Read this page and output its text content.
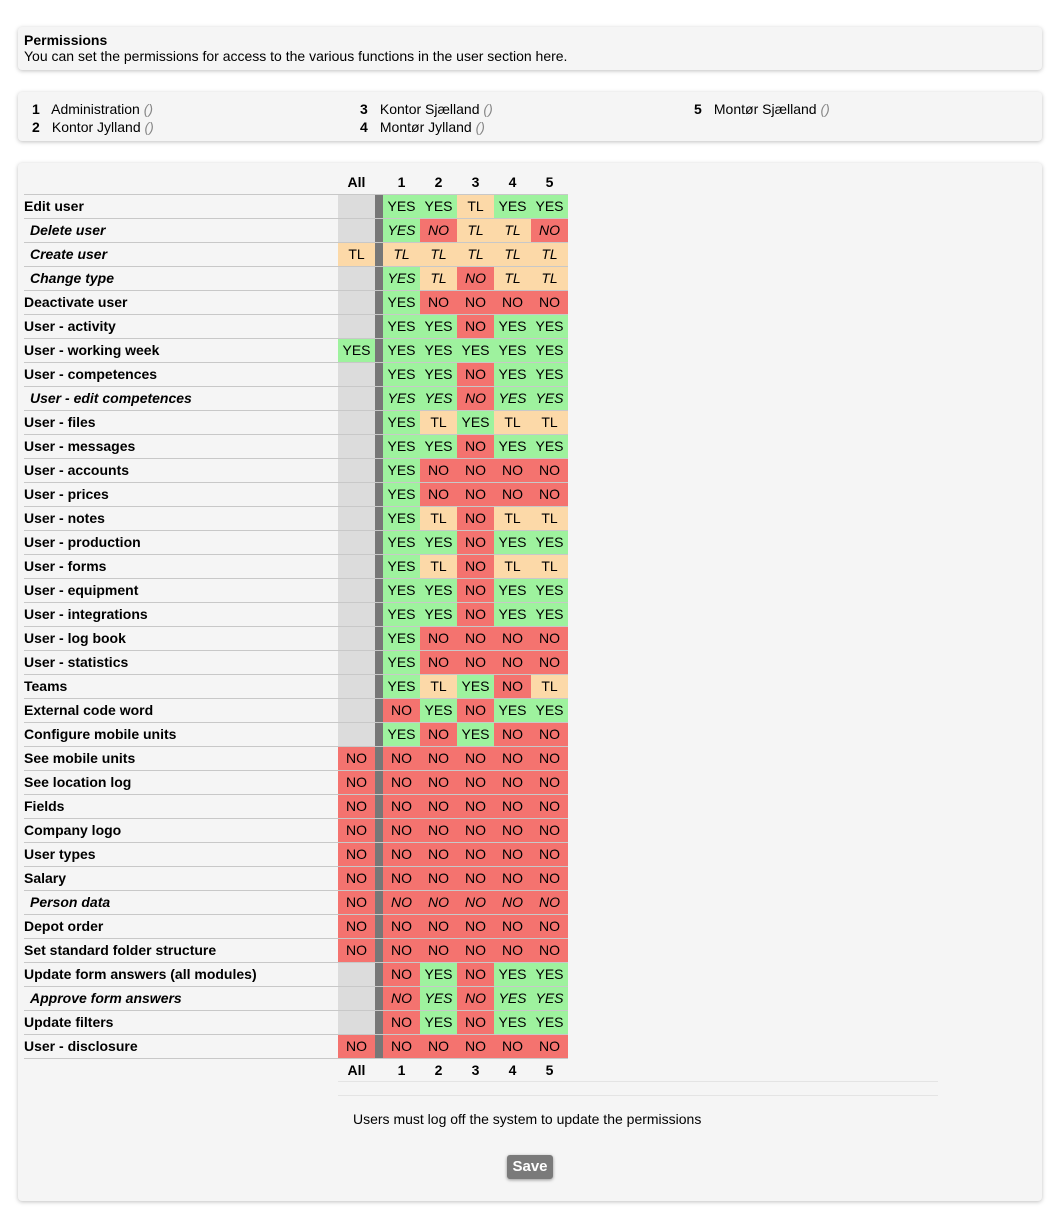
Permissions
You can set the permissions for access to the various functions in the user section here.
1 Administration ()
2 Kontor Jylland ()
3 Kontor Sjælland ()
4 Montør Jylland ()
5 Montør Sjælland ()
	All		1	2	3	4	5
Edit user			YES	YES	TL	YES	YES
Delete user			YES	NO	TL	TL	NO
Create user	TL		TL	TL	TL	TL	TL
Change type			YES	TL	NO	TL	TL
Deactivate user			YES	NO	NO	NO	NO
User - activity			YES	YES	NO	YES	YES
User - working week	YES		YES	YES	YES	YES	YES
User - competences			YES	YES	NO	YES	YES
User - edit competences			YES	YES	NO	YES	YES
User - files			YES	TL	YES	TL	TL
User - messages			YES	YES	NO	YES	YES
User - accounts			YES	NO	NO	NO	NO
User - prices			YES	NO	NO	NO	NO
User - notes			YES	TL	NO	TL	TL
User - production			YES	YES	NO	YES	YES
User - forms			YES	TL	NO	TL	TL
User - equipment			YES	YES	NO	YES	YES
User - integrations			YES	YES	NO	YES	YES
User - log book			YES	NO	NO	NO	NO
User - statistics			YES	NO	NO	NO	NO
Teams			YES	TL	YES	NO	TL
External code word			NO	YES	NO	YES	YES
Configure mobile units			YES	NO	YES	NO	NO
See mobile units	NO		NO	NO	NO	NO	NO
See location log	NO		NO	NO	NO	NO	NO
Fields	NO		NO	NO	NO	NO	NO
Company logo	NO		NO	NO	NO	NO	NO
User types	NO		NO	NO	NO	NO	NO
Salary	NO		NO	NO	NO	NO	NO
Person data	NO		NO	NO	NO	NO	NO
Depot order	NO		NO	NO	NO	NO	NO
Set standard folder structure	NO		NO	NO	NO	NO	NO
Update form answers (all modules)			NO	YES	NO	YES	YES
Approve form answers			NO	YES	NO	YES	YES
Update filters			NO	YES	NO	YES	YES
User - disclosure	NO		NO	NO	NO	NO	NO
	All		1	2	3	4	5
Users must log off the system to update the permissions
Save
